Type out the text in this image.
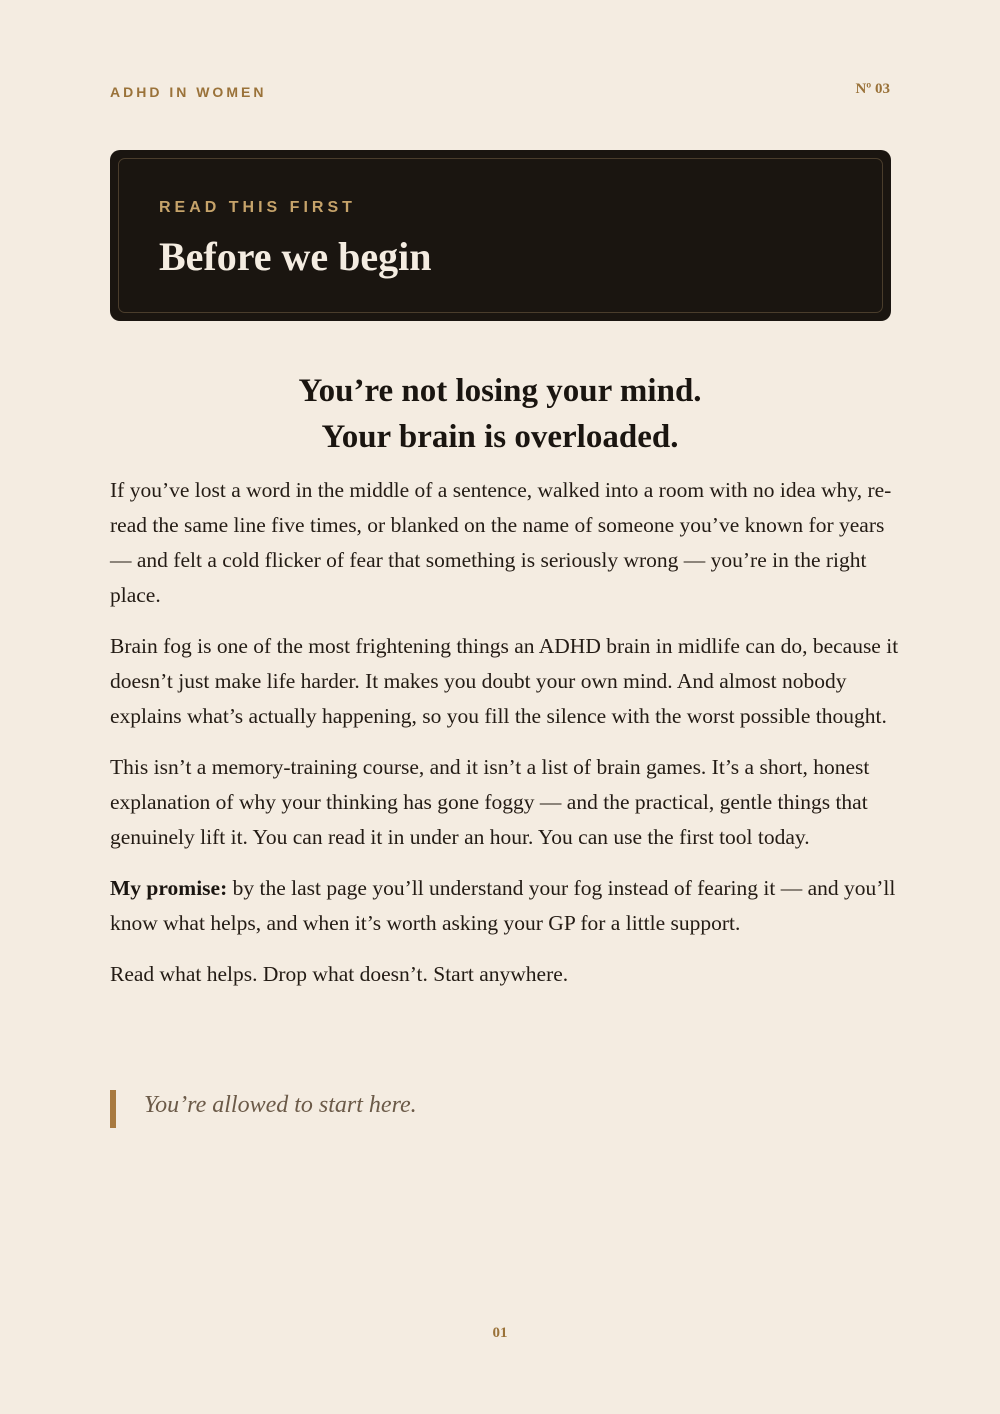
ADHD IN WOMEN	Nº 03
READ THIS FIRST
Before we begin
You’re not losing your mind.
Your brain is overloaded.

If you’ve lost a word in the middle of a sentence, walked into a room with no idea why, re-read the same line five times, or blanked on the name of someone you’ve known for years — and felt a cold flicker of fear that something is seriously wrong — you’re in the right place.

Brain fog is one of the most frightening things an ADHD brain in midlife can do, because it doesn’t just make life harder. It makes you doubt your own mind. And almost nobody explains what’s actually happening, so you fill the silence with the worst possible thought.

This isn’t a memory-training course, and it isn’t a list of brain games. It’s a short, honest explanation of why your thinking has gone foggy — and the practical, gentle things that genuinely lift it. You can read it in under an hour. You can use the first tool today.

My promise: by the last page you’ll understand your fog instead of fearing it — and you’ll know what helps, and when it’s worth asking your GP for a little support.

Read what helps. Drop what doesn’t. Start anywhere.

You’re allowed to start here.
01
